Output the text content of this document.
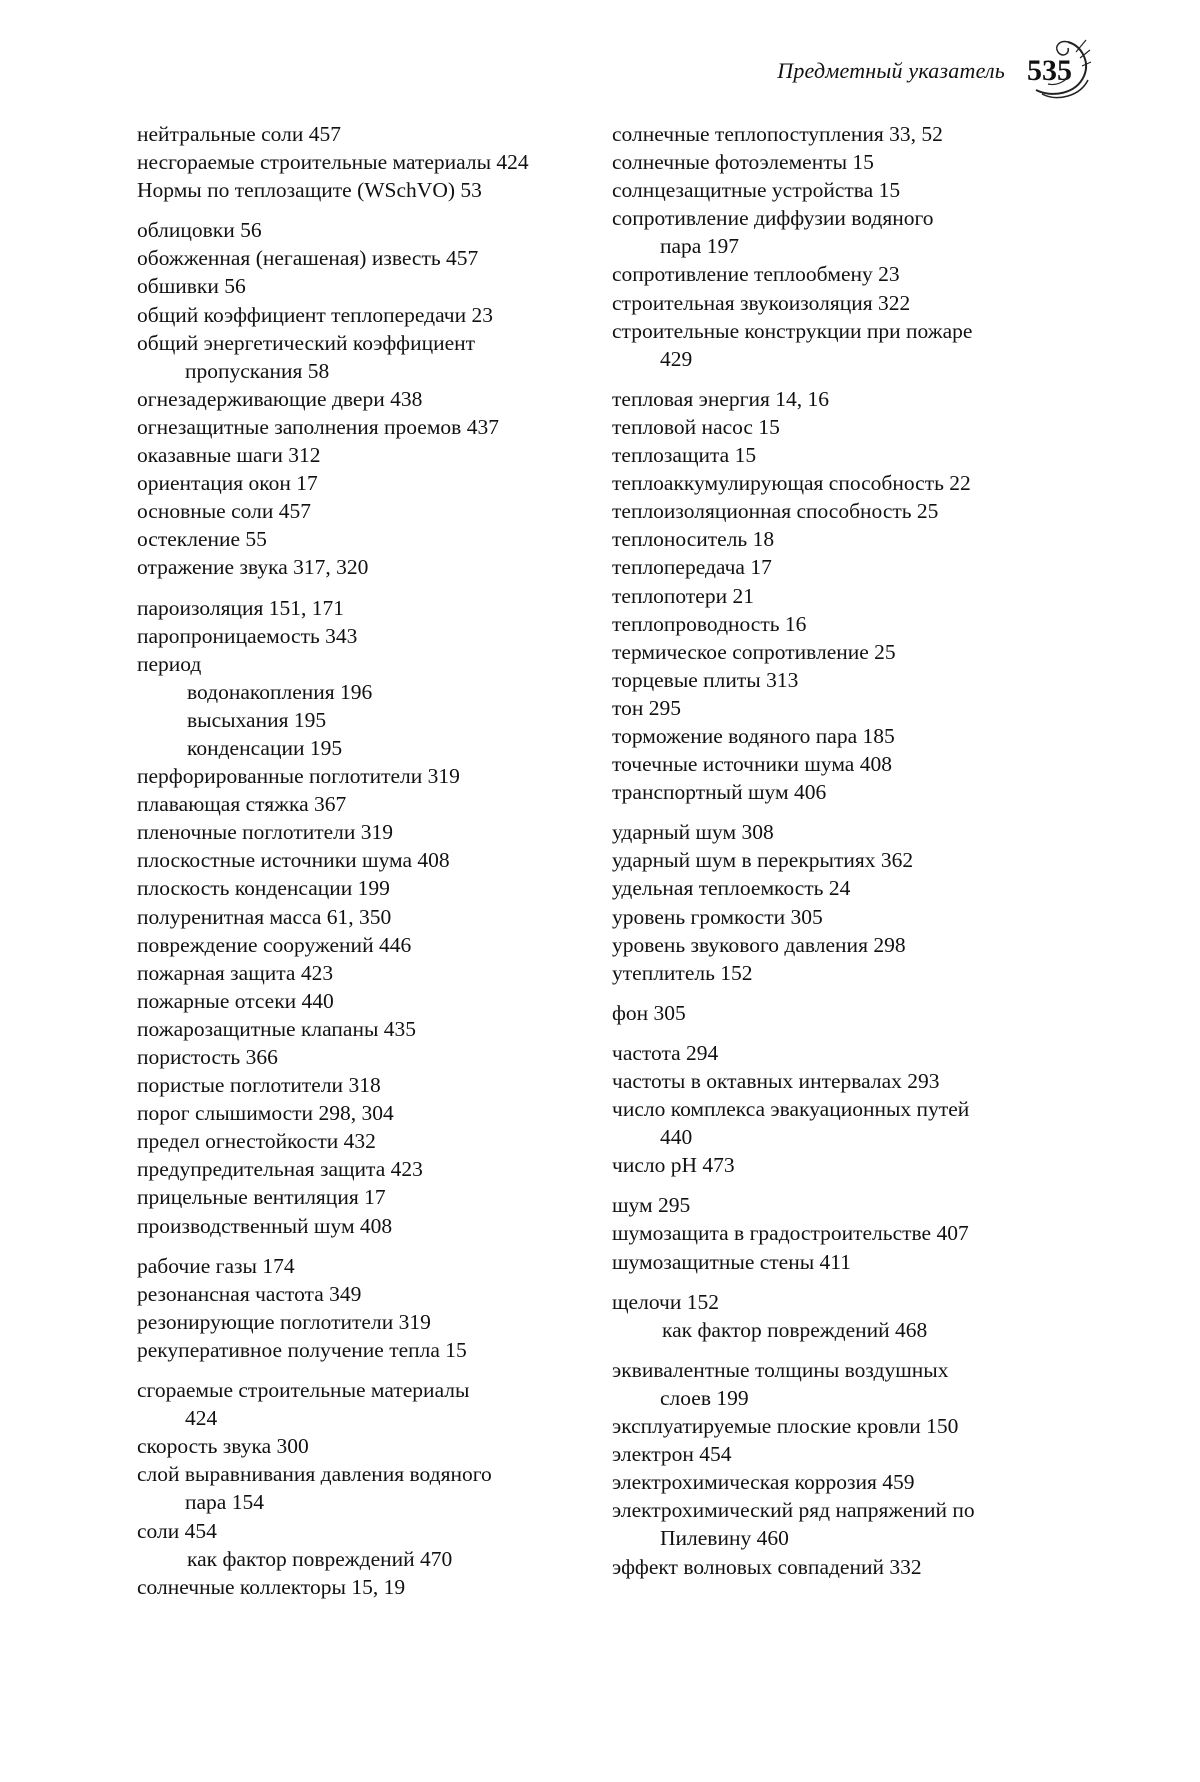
Предметный указатель 535
нейтральные соли 457
несгораемые строительные материалы 424
Нормы по теплозащите (WSchVO) 53
облицовки 56
обожженная (негашеная) известь 457
обшивки 56
общий коэффициент теплопередачи 23
общий энергетический коэффициент
пропускания 58
огнезадерживающие двери 438
огнезащитные заполнения проемов 437
оказавные шаги 312
ориентация окон 17
основные соли 457
остекление 55
отражение звука 317, 320
пароизоляция 151, 171
паропроницаемость 343
период
водонакопления 196
высыхания 195
конденсации 195
перфорированные поглотители 319
плавающая стяжка 367
пленочные поглотители 319
плоскостные источники шума 408
плоскость конденсации 199
полуренитная масса 61, 350
повреждение сооружений 446
пожарная защита 423
пожарные отсеки 440
пожарозащитные клапаны 435
пористость 366
пористые поглотители 318
порог слышимости 298, 304
предел огнестойкости 432
предупредительная защита 423
прицельные вентиляция 17
производственный шум 408
рабочие газы 174
резонансная частота 349
резонирующие поглотители 319
рекуперативное получение тепла 15
сгораемые строительные материалы
424
скорость звука 300
слой выравнивания давления водяного
пара 154
соли 454
как фактор повреждений 470
солнечные коллекторы 15, 19
солнечные теплопоступления 33, 52
солнечные фотоэлементы 15
солнцезащитные устройства 15
сопротивление диффузии водяного
пара 197
сопротивление теплообмену 23
строительная звукоизоляция 322
строительные конструкции при пожаре
429
тепловая энергия 14, 16
тепловой насос 15
теплозащита 15
теплоаккумулирующая способность 22
теплоизоляционная способность 25
теплоноситель 18
теплопередача 17
теплопотери 21
теплопроводность 16
термическое сопротивление 25
торцевые плиты 313
тон 295
торможение водяного пара 185
точечные источники шума 408
транспортный шум 406
ударный шум 308
ударный шум в перекрытиях 362
удельная теплоемкость 24
уровень громкости 305
уровень звукового давления 298
утеплитель 152
фон 305
частота 294
частоты в октавных интервалах 293
число комплекса эвакуационных путей
440
число pH 473
шум 295
шумозащита в градостроительстве 407
шумозащитные стены 411
щелочи 152
как фактор повреждений 468
эквивалентные толщины воздушных
слоев 199
эксплуатируемые плоские кровли 150
электрон 454
электрохимическая коррозия 459
электрохимический ряд напряжений по
Пилевину 460
эффект волновых совпадений 332
